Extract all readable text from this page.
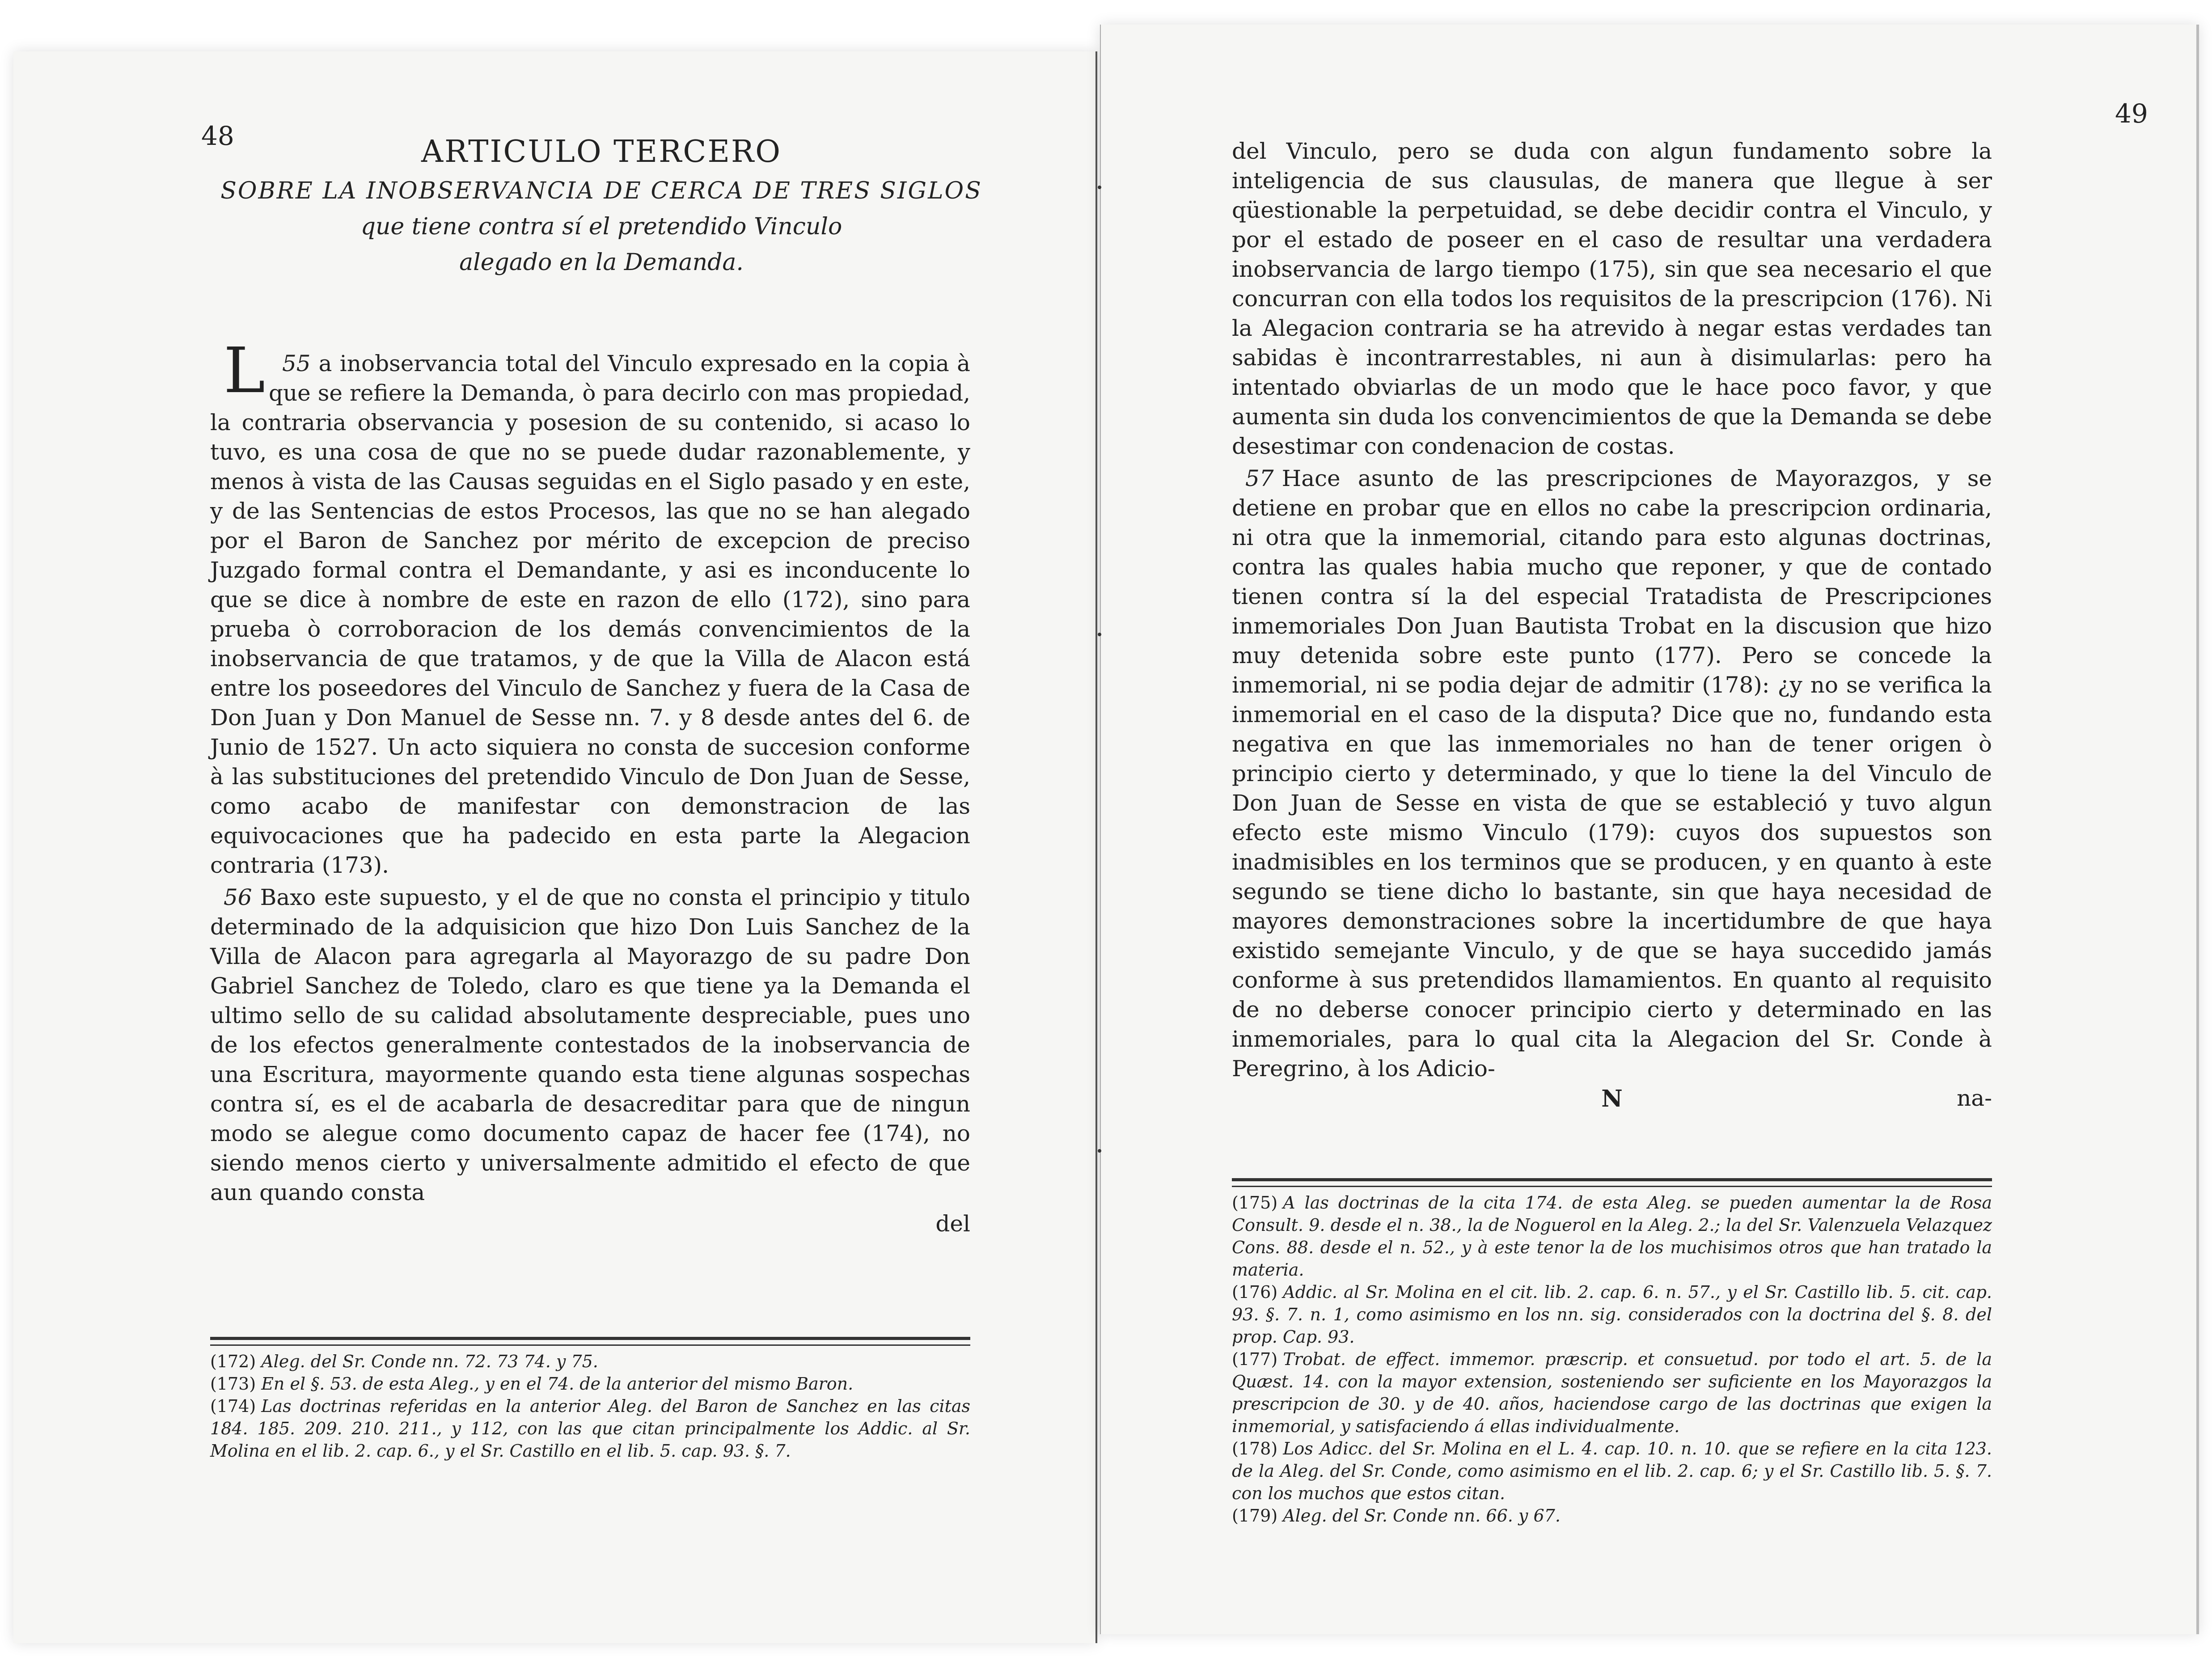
48	ARTICULO TERCERO

SOBRE LA INOBSERVANCIA DE CERCA DE TRES SIGLOS

que tiene contra sí el pretendido Vinculo

alegado en la Demanda.

55
L a inobservancia total del Vinculo expresado en la copia à que se refiere la Demanda, ò para decirlo con mas propiedad, la contraria observancia y posesion de su contenido, si acaso lo tuvo, es una cosa de que no se puede dudar razonablemente, y menos à vista de las Causas seguidas en el Siglo pasado y en este, y de las Sentencias de estos Procesos, las que no se han alegado por el Baron de Sanchez por mérito de excepcion de preciso Juzgado formal contra el Demandante, y asi es inconducente lo que se dice à nombre de este en razon de ello (172), sino para prueba ò corroboracion de los demás convencimientos de la inobservancia de que tratamos, y de que la Villa de Alacon está entre los poseedores del Vinculo de Sanchez y fuera de la Casa de Don Juan y Don Manuel de Sesse nn. 7. y 8 desde antes del 6. de Junio de 1527. Un acto siquiera no consta de succesion conforme à las substituciones del pretendido Vinculo de Don Juan de Sesse, como acabo de manifestar con demonstracion de las equivocaciones que ha padecido en esta parte la Alegacion contraria (173).

56 Baxo este supuesto, y el de que no consta el principio y titulo determinado de la adquisicion que hizo Don Luis Sanchez de la Villa de Alacon para agregarla al Mayorazgo de su padre Don Gabriel Sanchez de Toledo, claro es que tiene ya la Demanda el ultimo sello de su calidad absolutamente despreciable, pues uno de los efectos generalmente contestados de la inobservancia de una Escritura, mayormente quando esta tiene algunas sospechas contra sí, es el de acabarla de desacreditar para que de ningun modo se alegue como documento capaz de hacer fee (174), no siendo menos cierto y universalmente admitido el efecto de que aun quando consta

del

(172) Aleg. del Sr. Conde nn. 72. 73 74. y 75.

(173) En el §. 53. de esta Aleg., y en el 74. de la anterior del mismo Baron.

(174) Las doctrinas referidas en la anterior Aleg. del Baron de Sanchez en las citas 184. 185. 209. 210. 211., y 112, con las que citan principalmente los Addic. al Sr. Molina en el lib. 2. cap. 6., y el Sr. Castillo en el lib. 5. cap. 93. §. 7.

49

del Vinculo, pero se duda con algun fundamento sobre la inteligencia de sus clausulas, de manera que llegue à ser qüestionable la perpetuidad, se debe decidir contra el Vinculo, y por el estado de poseer en el caso de resultar una verdadera inobservancia de largo tiempo (175), sin que sea necesario el que concurran con ella todos los requisitos de la prescripcion (176). Ni la Alegacion contraria se ha atrevido à negar estas verdades tan sabidas è incontrarrestables, ni aun à disimularlas: pero ha intentado obviarlas de un modo que le hace poco favor, y que aumenta sin duda los convencimientos de que la Demanda se debe desestimar con condenacion de costas.

57 Hace asunto de las prescripciones de Mayorazgos, y se detiene en probar que en ellos no cabe la prescripcion ordinaria, ni otra que la inmemorial, citando para esto algunas doctrinas, contra las quales habia mucho que reponer, y que de contado tienen contra sí la del especial Tratadista de Prescripciones inmemoriales Don Juan Bautista Trobat en la discusion que hizo muy detenida sobre este punto (177). Pero se concede la inmemorial, ni se podia dejar de admitir (178): ¿y no se verifica la inmemorial en el caso de la disputa? Dice que no, fundando esta negativa en que las inmemoriales no han de tener origen ò principio cierto y determinado, y que lo tiene la del Vinculo de Don Juan de Sesse en vista de que se estableció y tuvo algun efecto este mismo Vinculo (179): cuyos dos supuestos son inadmisibles en los terminos que se producen, y en quanto à este segundo se tiene dicho lo bastante, sin que haya necesidad de mayores demonstraciones sobre la incertidumbre de que haya existido semejante Vinculo, y de que se haya succedido jamás conforme à sus pretendidos llamamientos. En quanto al requisito de no deberse conocer principio cierto y determinado en las inmemoriales, para lo qual cita la Alegacion del Sr. Conde à Peregrino, à los Adicio-

N	na-

(175) A las doctrinas de la cita 174. de esta Aleg. se pueden aumentar la de Rosa Consult. 9. desde el n. 38., la de Noguerol en la Aleg. 2.; la del Sr. Valenzuela Velazquez Cons. 88. desde el n. 52., y à este tenor la de los muchisimos otros que han tratado la materia.

(176) Addic. al Sr. Molina en el cit. lib. 2. cap. 6. n. 57., y el Sr. Castillo lib. 5. cit. cap. 93. §. 7. n. 1, como asimismo en los nn. sig. considerados con la doctrina del §. 8. del prop. Cap. 93.

(177) Trobat. de effect. immemor. præscrip. et consuetud. por todo el art. 5. de la Quæst. 14. con la mayor extension, sosteniendo ser suficiente en los Mayorazgos la prescripcion de 30. y de 40. años, haciendose cargo de las doctrinas que exigen la inmemorial, y satisfaciendo á ellas individualmente.

(178) Los Adicc. del Sr. Molina en el L. 4. cap. 10. n. 10. que se refiere en la cita 123. de la Aleg. del Sr. Conde, como asimismo en el lib. 2. cap. 6; y el Sr. Castillo lib. 5. §. 7. con los muchos que estos citan.

(179) Aleg. del Sr. Conde nn. 66. y 67.
